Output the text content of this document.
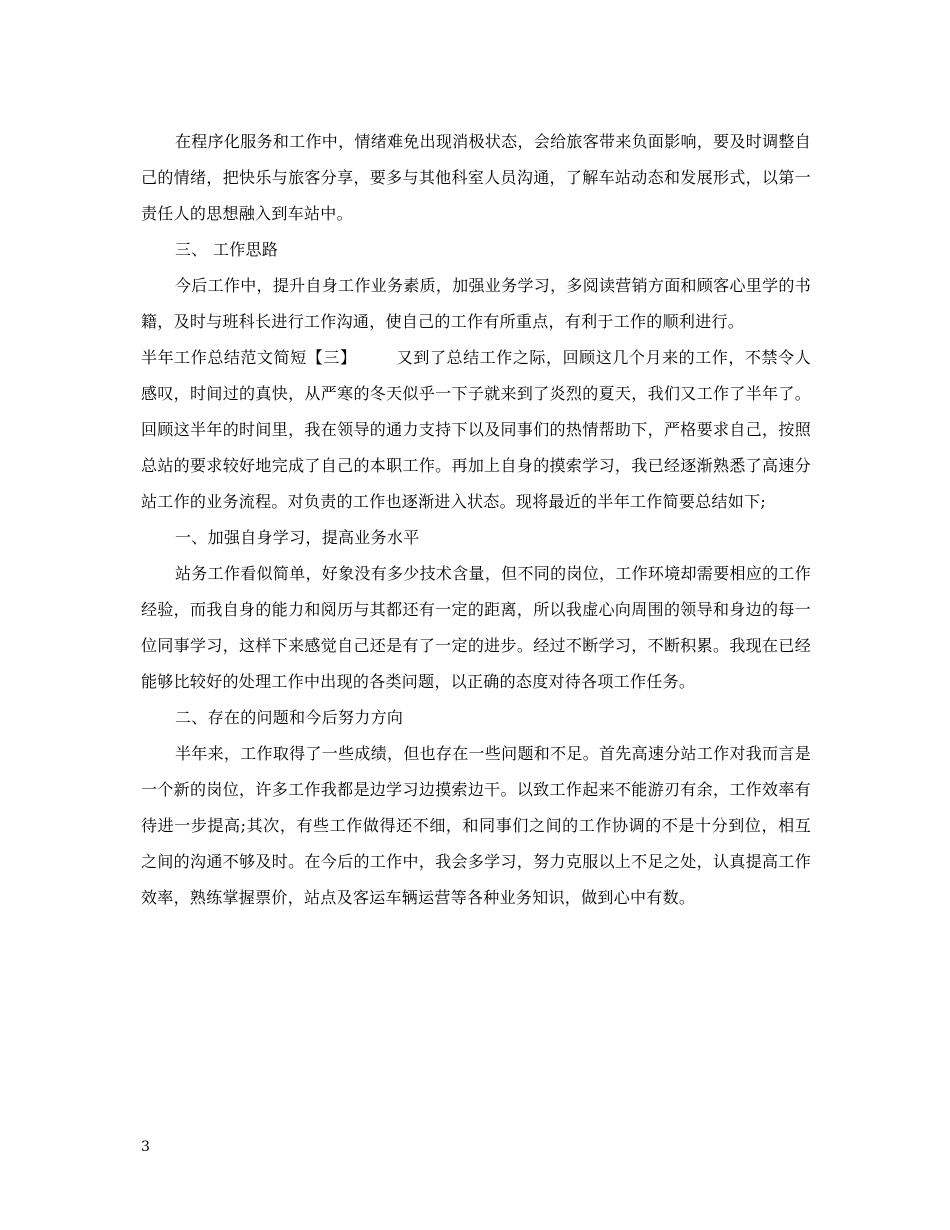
在程序化服务和工作中，情绪难免出现消极状态，会给旅客带来负面影响，要及时调整自己的情绪，把快乐与旅客分享，要多与其他科室人员沟通，了解车站动态和发展形式，以第一责任人的思想融入到车站中。

三、 工作思路

今后工作中，提升自身工作业务素质，加强业务学习，多阅读营销方面和顾客心里学的书籍，及时与班科长进行工作沟通，使自己的工作有所重点，有利于工作的顺利进行。

半年工作总结范文简短【三】	又到了总结工作之际，回顾这几个月来的工作，不禁令人感叹，时间过的真快，从严寒的冬天似乎一下子就来到了炎烈的夏天，我们又工作了半年了。回顾这半年的时间里，我在领导的通力支持下以及同事们的热情帮助下，严格要求自己，按照总站的要求较好地完成了自己的本职工作。再加上自身的摸索学习，我已经逐渐熟悉了高速分站工作的业务流程。对负责的工作也逐渐进入状态。现将最近的半年工作简要总结如下;

一、加强自身学习，提高业务水平

站务工作看似简单，好象没有多少技术含量，但不同的岗位，工作环境却需要相应的工作经验，而我自身的能力和阅历与其都还有一定的距离，所以我虚心向周围的领导和身边的每一位同事学习，这样下来感觉自己还是有了一定的进步。经过不断学习，不断积累。我现在已经能够比较好的处理工作中出现的各类问题，以正确的态度对待各项工作任务。

二、存在的问题和今后努力方向

半年来，工作取得了一些成绩，但也存在一些问题和不足。首先高速分站工作对我而言是一个新的岗位，许多工作我都是边学习边摸索边干。以致工作起来不能游刃有余，工作效率有待进一步提高;其次，有些工作做得还不细，和同事们之间的工作协调的不是十分到位，相互之间的沟通不够及时。在今后的工作中，我会多学习，努力克服以上不足之处，认真提高工作效率，熟练掌握票价，站点及客运车辆运营等各种业务知识，做到心中有数。

3
